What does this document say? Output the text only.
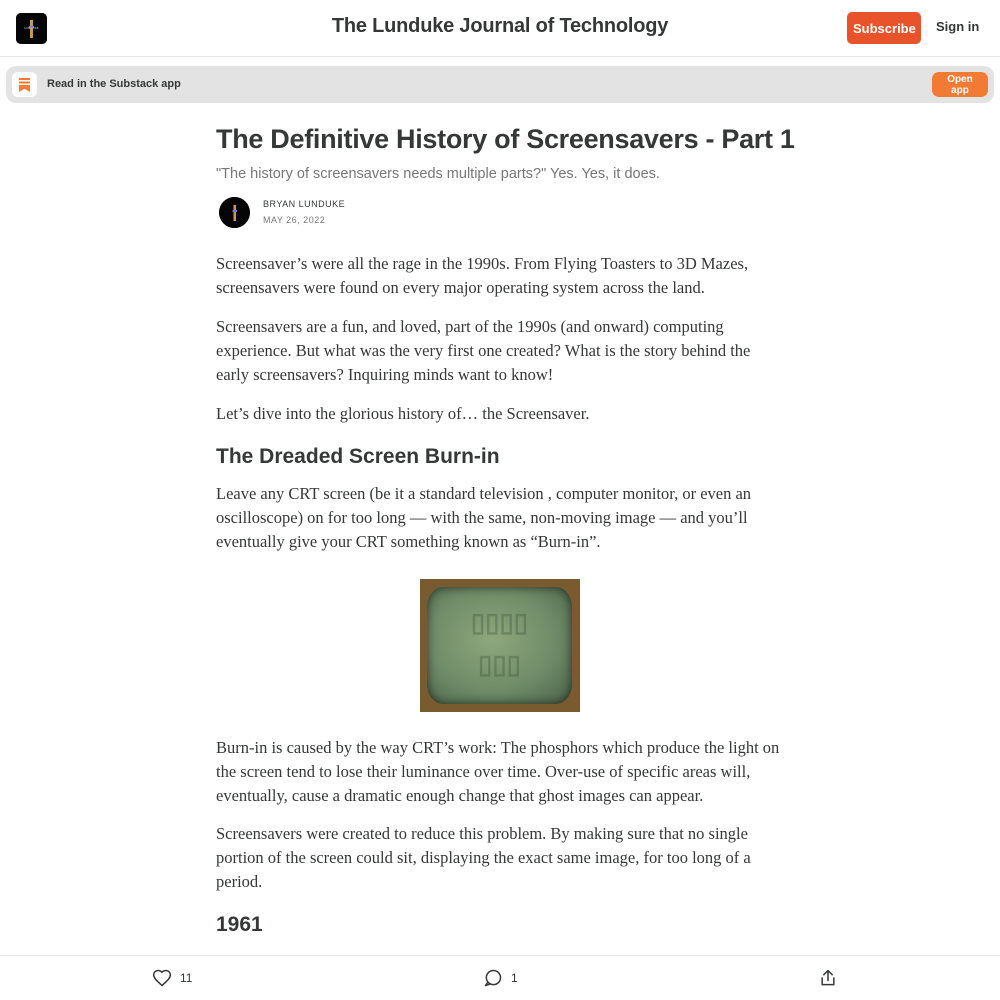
LUNDUKE	The Lunduke Journal of Technology	Subscribe	Sign in
Read in the Substack app	Open app
The Definitive History of Screensavers - Part 1

"The history of screensavers needs multiple parts?" Yes. Yes, it does.

BRYAN LUNDUKE
MAY 26, 2022

Screensaver’s were all the rage in the 1990s. From Flying Toasters to 3D Mazes, screensavers were found on every major operating system across the land.

Screensavers are a fun, and loved, part of the 1990s (and onward) computing experience. But what was the very first one created? What is the story behind the early screensavers? Inquiring minds want to know!

Let’s dive into the glorious history of… the Screensaver.

The Dreaded Screen Burn-in

Leave any CRT screen (be it a standard television , computer monitor, or even an oscilloscope) on for too long — with the same, non-moving image — and you’ll eventually give your CRT something known as “Burn-in”.

▯▯▯▯
▯▯▯

Burn-in is caused by the way CRT’s work: The phosphors which produce the light on the screen tend to lose their luminance over time. Over-use of specific areas will, eventually, cause a dramatic enough change that ghost images can appear.

Screensavers were created to reduce this problem. By making sure that no single portion of the screen could sit, displaying the exact same image, for too long of a period.

1961
11	1
